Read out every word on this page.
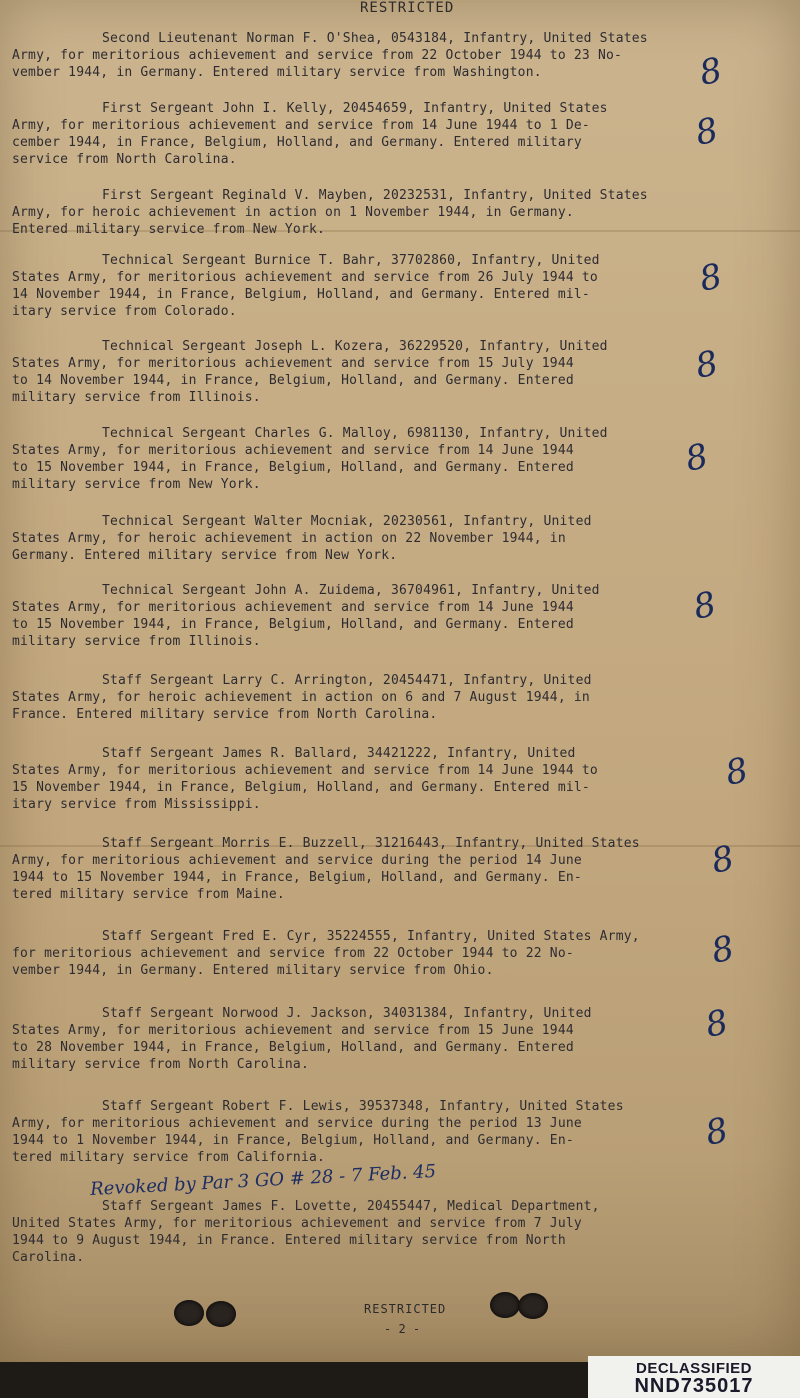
RESTRICTED
Second Lieutenant Norman F. O'Shea, 0543184, Infantry, United States
Army, for meritorious achievement and service from 22 October 1944 to 23 No-
vember 1944, in Germany. Entered military service from Washington.
First Sergeant John I. Kelly, 20454659, Infantry, United States
Army, for meritorious achievement and service from 14 June 1944 to 1 De-
cember 1944, in France, Belgium, Holland, and Germany. Entered military
service from North Carolina.
First Sergeant Reginald V. Mayben, 20232531, Infantry, United States
Army, for heroic achievement in action on 1 November 1944, in Germany.
Entered military service from New York.
Technical Sergeant Burnice T. Bahr, 37702860, Infantry, United
States Army, for meritorious achievement and service from 26 July 1944 to
14 November 1944, in France, Belgium, Holland, and Germany. Entered mil-
itary service from Colorado.
Technical Sergeant Joseph L. Kozera, 36229520, Infantry, United
States Army, for meritorious achievement and service from 15 July 1944
to 14 November 1944, in France, Belgium, Holland, and Germany. Entered
military service from Illinois.
Technical Sergeant Charles G. Malloy, 6981130, Infantry, United
States Army, for meritorious achievement and service from 14 June 1944
to 15 November 1944, in France, Belgium, Holland, and Germany. Entered
military service from New York.
Technical Sergeant Walter Mocniak, 20230561, Infantry, United
States Army, for heroic achievement in action on 22 November 1944, in
Germany. Entered military service from New York.
Technical Sergeant John A. Zuidema, 36704961, Infantry, United
States Army, for meritorious achievement and service from 14 June 1944
to 15 November 1944, in France, Belgium, Holland, and Germany. Entered
military service from Illinois.
Staff Sergeant Larry C. Arrington, 20454471, Infantry, United
States Army, for heroic achievement in action on 6 and 7 August 1944, in
France. Entered military service from North Carolina.
Staff Sergeant James R. Ballard, 34421222, Infantry, United
States Army, for meritorious achievement and service from 14 June 1944 to
15 November 1944, in France, Belgium, Holland, and Germany. Entered mil-
itary service from Mississippi.
Staff Sergeant Morris E. Buzzell, 31216443, Infantry, United States
Army, for meritorious achievement and service during the period 14 June
1944 to 15 November 1944, in France, Belgium, Holland, and Germany. En-
tered military service from Maine.
Staff Sergeant Fred E. Cyr, 35224555, Infantry, United States Army,
for meritorious achievement and service from 22 October 1944 to 22 No-
vember 1944, in Germany. Entered military service from Ohio.
Staff Sergeant Norwood J. Jackson, 34031384, Infantry, United
States Army, for meritorious achievement and service from 15 June 1944
to 28 November 1944, in France, Belgium, Holland, and Germany. Entered
military service from North Carolina.
Staff Sergeant Robert F. Lewis, 39537348, Infantry, United States
Army, for meritorious achievement and service during the period 13 June
1944 to 1 November 1944, in France, Belgium, Holland, and Germany. En-
tered military service from California.
Revoked by Par 3 GO # 28 - 7 Feb. 45
Staff Sergeant James F. Lovette, 20455447, Medical Department,
United States Army, for meritorious achievement and service from 7 July
1944 to 9 August 1944, in France. Entered military service from North
Carolina.
8
8
8
8
8
8
8
8
8
8
8
RESTRICTED
- 2 -
DECLASSIFIED
NND735017
